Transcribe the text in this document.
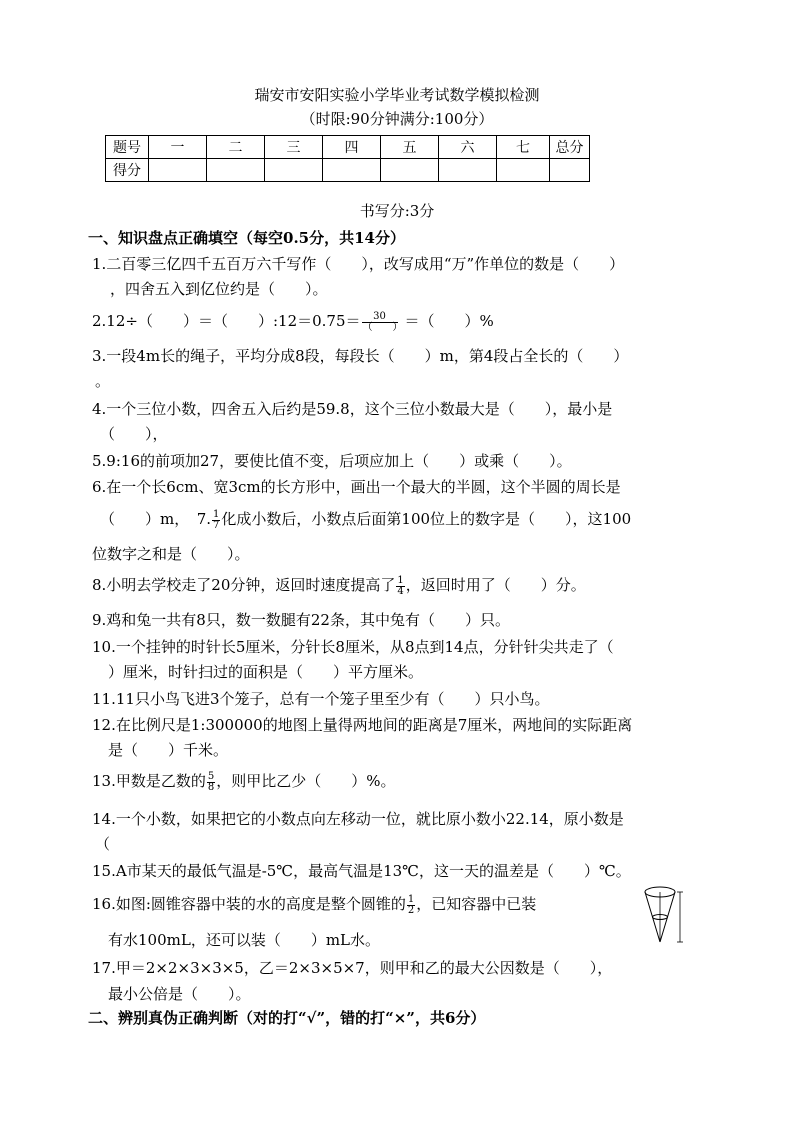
瑞安市安阳实验小学毕业考试数学模拟检测
（时限:90分钟满分:100分）
题号	一	二	三	四	五	六	七	总分
得分								
书写分:3分
一、知识盘点正确填空（每空0.5分，共14分）
1.二百零三亿四千五百万六千写作（　　），改写成用“万”作单位的数是（　　）
，四舍五入到亿位约是（　　）。
2.12÷（　　）＝（　　）:12＝0.75＝ $\frac{30}{( )}$ ＝（　　）%
3.一段4m长的绳子，平均分成8段，每段长（　　）m，第4段占全长的（　　）
。
4.一个三位小数，四舍五入后约是59.8，这个三位小数最大是（　　），最小是
（　　），
5.9:16的前项加27，要使比值不变，后项应加上（　　）或乘（　　）。
6.在一个长6cm、宽3cm的长方形中，画出一个最大的半圆，这个半圆的周长是
（　　）m，　7. $\frac{1}{7}$ 化成小数后，小数点后面第100位上的数字是（　　），这100
位数字之和是（　　）。
8.小明去学校走了20分钟，返回时速度提高了 $\frac{1}{4}$ ，返回时用了（　　）分。
9.鸡和兔一共有8只，数一数腿有22条，其中兔有（　　）只。
10.一个挂钟的时针长5厘米，分针长8厘米，从8点到14点，分针针尖共走了（
）厘米，时针扫过的面积是（　　）平方厘米。
11.11只小鸟飞进3个笼子，总有一个笼子里至少有（　　）只小鸟。
12.在比例尺是1:300000的地图上量得两地间的距离是7厘米，两地间的实际距离
是（　　）千米。
13.甲数是乙数的 $\frac{5}{8}$ ，则甲比乙少（　　）%。
14.一个小数，如果把它的小数点向左移动一位，就比原小数小22.14，原小数是
（
15.A市某天的最低气温是-5℃，最高气温是13℃，这一天的温差是（　　）℃。
16.如图:圆锥容器中装的水的高度是整个圆锥的 $\frac{1}{2}$ ，已知容器中已装
有水100mL，还可以装（　　）mL水。
17.甲＝2×2×3×3×5，乙＝2×3×5×7，则甲和乙的最大公因数是（　　），
最小公倍是（　　）。
二、辨别真伪正确判断（对的打“√”，错的打“×”，共6分）
